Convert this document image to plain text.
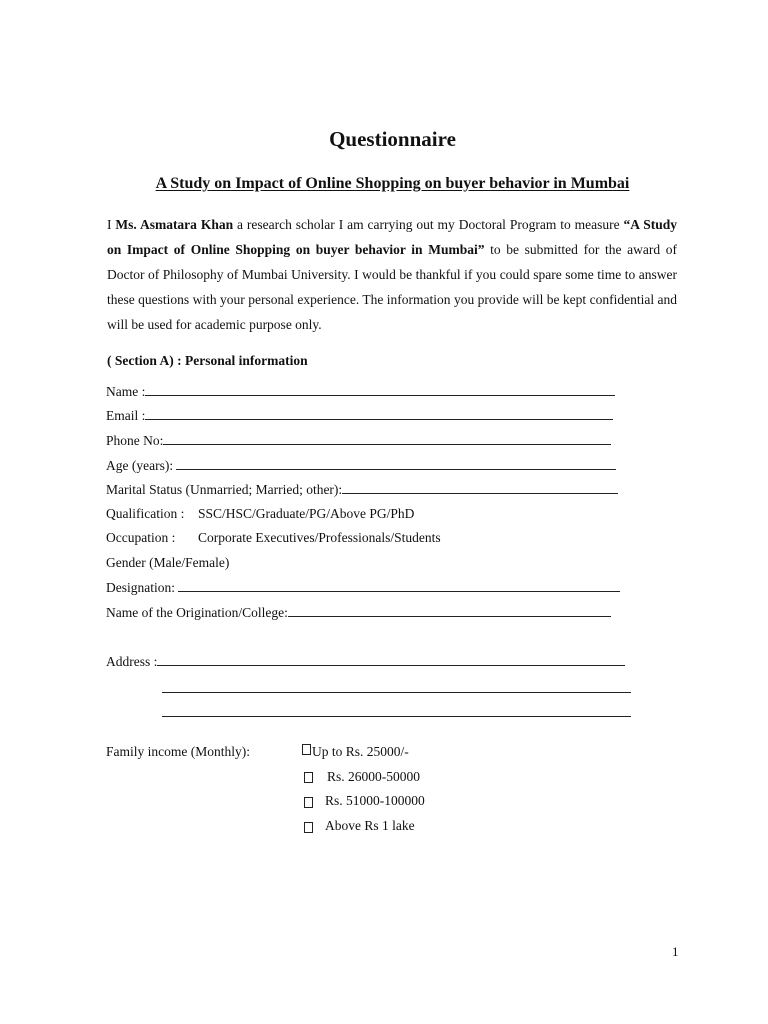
Questionnaire
A Study on Impact of Online Shopping on buyer behavior in Mumbai
I Ms. Asmatara Khan a research scholar I am carrying out my Doctoral Program to measure “A Study on Impact of Online Shopping on buyer behavior in Mumbai” to be submitted for the award of Doctor of Philosophy of Mumbai University. I would be thankful if you could spare some time to answer these questions with your personal experience. The information you provide will be kept confidential and will be used for academic purpose only.
( Section A) : Personal information
Name :
Email :
Phone No:
Age (years):
Marital Status (Unmarried; Married; other):
Qualification : SSC/HSC/Graduate/PG/Above PG/PhD
Occupation : Corporate Executives/Professionals/Students
Gender (Male/Female)
Designation:
Name of the Origination/College:
Address :
Family income (Monthly):	Up to Rs. 25000/-
Rs. 26000-50000
Rs. 51000-100000
Above Rs 1 lake
1
